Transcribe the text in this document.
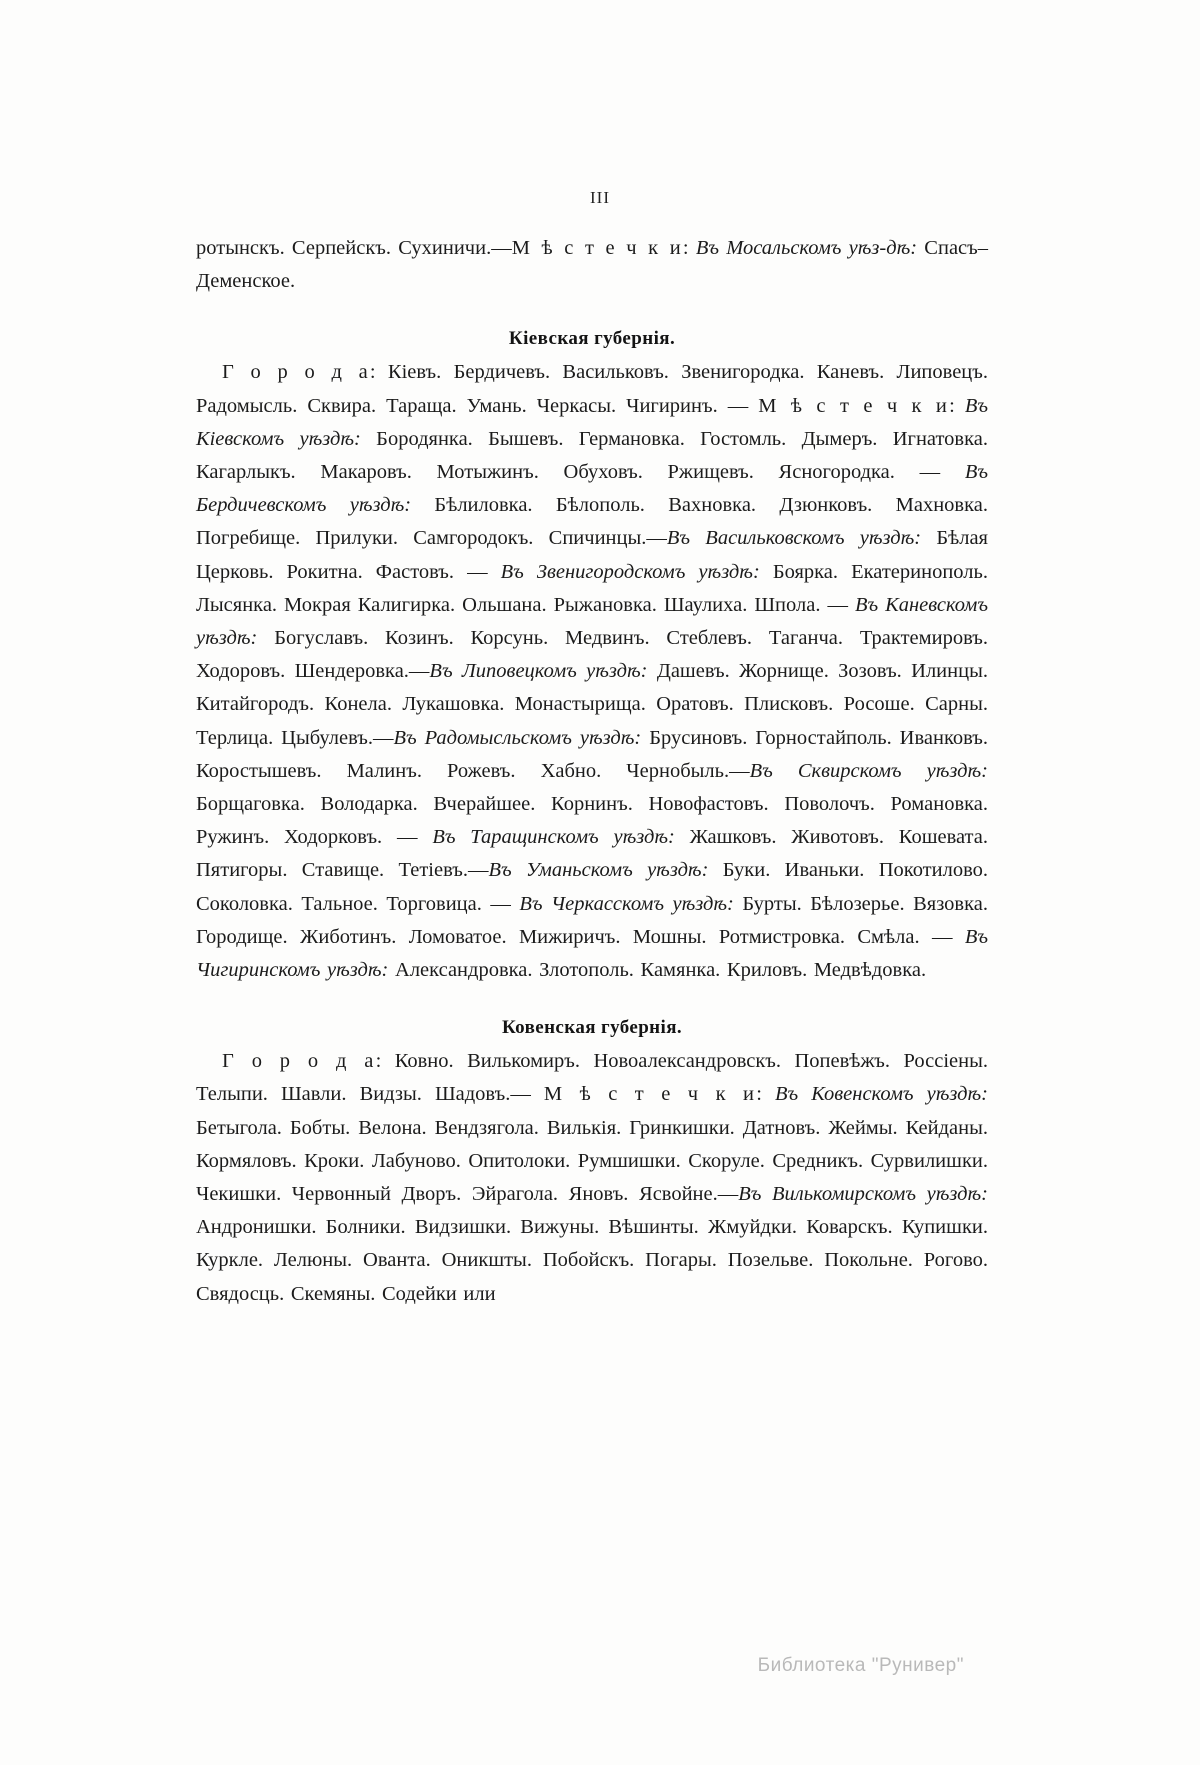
III

ротынскъ. Серпейскъ. Сухиничи.—М ѣ с т е ч к и: Въ Мосальскомъ уѣз-дѣ: Спасъ–Деменское.

Кіевская губернія.

Г о р о д а: Кіевъ. Бердичевъ. Васильковъ. Звенигородка. Каневъ. Липовецъ. Радомысль. Сквира. Тараща. Умань. Черкасы. Чигиринъ. — М ѣ с т е ч к и: Въ Кіевскомъ уѣздѣ: Бородянка. Бышевъ. Германовка. Гостомль. Дымеръ. Игнатовка. Кагарлыкъ. Макаровъ. Мотыжинъ. Обуховъ. Ржищевъ. Ясногородка. — Въ Бердичевскомъ уѣздѣ: Бѣлиловка. Бѣлополь. Вахновка. Дзюнковъ. Махновка. Погребище. Прилуки. Самгородокъ. Спичинцы.—Въ Васильковскомъ уѣздѣ: Бѣлая Церковь. Рокитна. Фастовъ. — Въ Звенигородскомъ уѣздѣ: Боярка. Екатеринополь. Лысянка. Мокрая Калигирка. Ольшана. Рыжановка. Шаулиха. Шпола. — Въ Каневскомъ уѣздѣ: Богуславъ. Козинъ. Корсунь. Медвинъ. Стеблевъ. Таганча. Трактемировъ. Ходоровъ. Шендеровка.—Въ Липовецкомъ уѣздѣ: Дашевъ. Жорнище. Зозовъ. Илинцы. Китайгородъ. Конела. Лукашовка. Монастырища. Оратовъ. Плисковъ. Росоше. Сарны. Терлица. Цыбулевъ.—Въ Радомысльскомъ уѣздѣ: Брусиновъ. Горностайполь. Иванковъ. Коростышевъ. Малинъ. Рожевъ. Хабно. Чернобыль.—Въ Сквирскомъ уѣздѣ: Борщаговка. Володарка. Вчерайшее. Корнинъ. Новофастовъ. Поволочъ. Романовка. Ружинъ. Ходорковъ. — Въ Таращинскомъ уѣздѣ: Жашковъ. Животовъ. Кошевата. Пятигоры. Ставище. Тетіевъ.—Въ Уманьскомъ уѣздѣ: Буки. Иваньки. Покотилово. Соколовка. Тальное. Торговица. — Въ Черкасскомъ уѣздѣ: Бурты. Бѣлозерье. Вязовка. Городище. Жиботинъ. Ломоватое. Мижиричъ. Мошны. Ротмистровка. Смѣла. — Въ Чигиринскомъ уѣздѣ: Александровка. Злотополь. Камянка. Криловъ. Медвѣдовка.

Ковенская губернія.

Г о р о д а: Ковно. Вилькомиръ. Новоалександровскъ. Попевѣжъ. Россіены. Телыпи. Шавли. Видзы. Шадовъ.— М ѣ с т е ч к и: Въ Ковенскомъ уѣздѣ: Бетыгола. Бобты. Велона. Вендзягола. Вилькія. Гринкишки. Датновъ. Жеймы. Кейданы. Кормяловъ. Кроки. Лабуново. Опитолоки. Румшишки. Скоруле. Средникъ. Сурвилишки. Чекишки. Червонный Дворъ. Эйрагола. Яновъ. Ясвойне.—Въ Вилькомирскомъ уѣздѣ: Андронишки. Болники. Видзишки. Вижуны. Вѣшинты. Жмуйдки. Коварскъ. Купишки. Куркле. Лелюны. Ованта. Оникшты. Побойскъ. Погары. Позельве. Покольне. Рогово. Свядосць. Скемяны. Содейки или

Библиотека "Рунивер"
